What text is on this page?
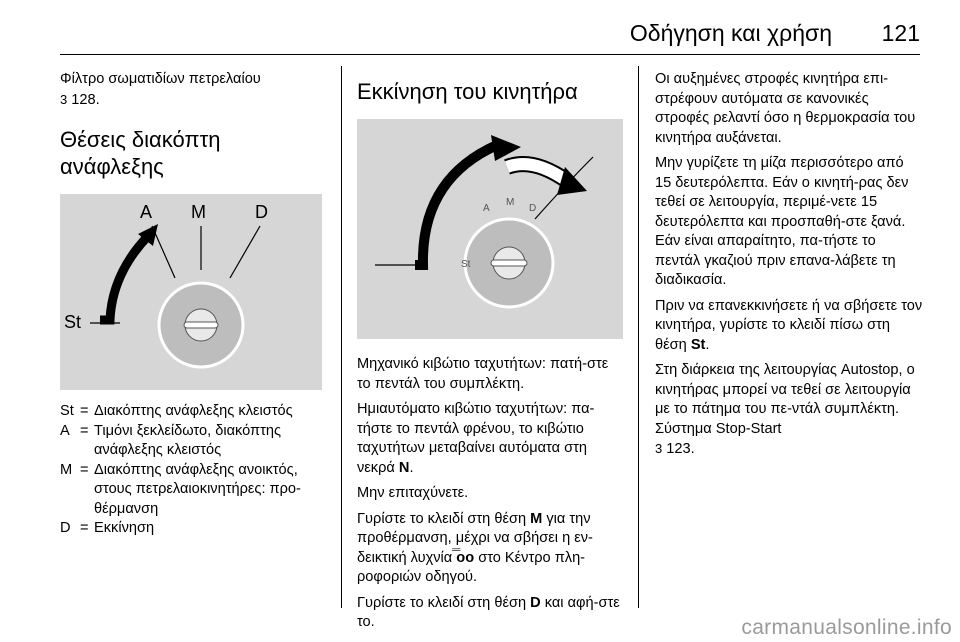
Οδήγηση και χρήση 121

Φίλτρο σωματιδίων πετρελαίου
3 128.

Θέσεις διακόπτη ανάφλεξης
A M	D
St
St = Διακόπτης ανάφλεξης κλειστός
A = Τιμόνι ξεκλείδωτο, διακόπτης ανάφλεξης κλειστός
M = Διακόπτης ανάφλεξης ανοικτός, στους πετρελαιοκινητήρες: προ-θέρμανση
D = Εκκίνηση
Εκκίνηση του κινητήρα
A
M
D
St

Μηχανικό κιβώτιο ταχυτήτων: πατή-στε το πεντάλ του συμπλέκτη.

Ημιαυτόματο κιβώτιο ταχυτήτων: πα-τήστε το πεντάλ φρένου, το κιβώτιο ταχυτήτων μεταβαίνει αυτόματα στη νεκρά N.

Μην επιταχύνετε.

Γυρίστε το κλειδί στη θέση M για την προθέρμανση, μέχρι να σβήσει η εν-δεικτική λυχνία ̿οο στο Κέντρο πλη-ροφοριών οδηγού.

Γυρίστε το κλειδί στη θέση D και αφή-στε το.

Οι αυξημένες στροφές κινητήρα επι-στρέφουν αυτόματα σε κανονικές στροφές ρελαντί όσο η θερμοκρασία του κινητήρα αυξάνεται.

Μην γυρίζετε τη μίζα περισσότερο από 15 δευτερόλεπτα. Εάν ο κινητή-ρας δεν τεθεί σε λειτουργία, περιμέ-νετε 15 δευτερόλεπτα και προσπαθή-στε ξανά. Εάν είναι απαραίτητο, πα-τήστε το πεντάλ γκαζιού πριν επανα-λάβετε τη διαδικασία.

Πριν να επανεκκινήσετε ή να σβήσετε τον κινητήρα, γυρίστε το κλειδί πίσω στη θέση St.

Στη διάρκεια της λειτουργίας Autostop, ο κινητήρας μπορεί να τεθεί σε λειτουργία με το πάτημα του πε-ντάλ συμπλέκτη. Σύστημα Stop-Start
3 123.

carmanualsonline.info
